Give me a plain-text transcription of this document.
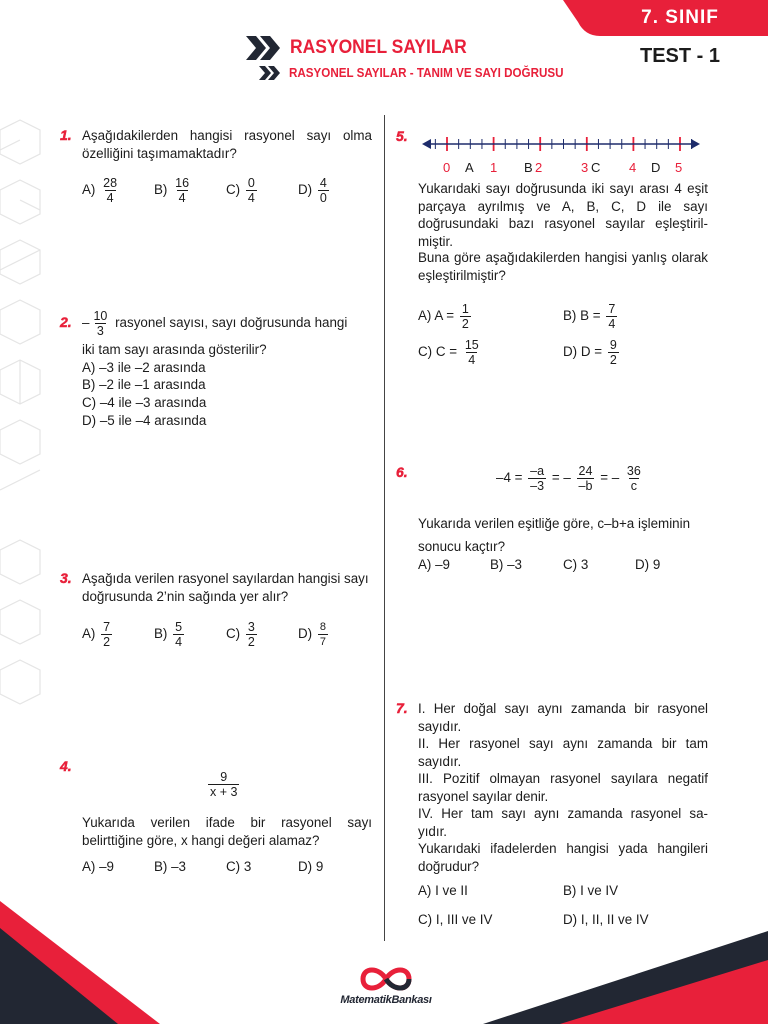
7. SINIF
TEST - 1
RASYONEL SAYILAR
RASYONEL SAYILAR - TANIM VE SAYI DOĞRUSU
MatematikBankası
1. Aşağıdakilerden hangisi rasyonel sayı olma özelliğini taşımamaktadır?
$A) \frac{28}{4}$	$B) \frac{16}{4}$	$C) \frac{0}{4}$	$D) \frac{4}{0}$
2. – $\frac{10}{3}$ rasyonel sayısı, sayı doğrusunda hangi
iki tam sayı arasında gösterilir?
A) –3 ile –2 arasında
B) –2 ile –1 arasında
C) –4 ile –3 arasında
D) –5 ile –4 arasında
3. Aşağıda verilen rasyonel sayılardan hangisi sayı doğrusunda 2’nin sağında yer alır?
$A) \frac{7}{2}$	$B) \frac{5}{4}$	$C) \frac{3}{2}$	$D) \frac{8}{7}$
4.
$\frac{9}{x + 3}$
Yukarıda verilen ifade bir rasyonel sayı belirttiğine göre, x hangi değeri alamaz?
A) –9	B) –3	C) 3	D) 9
5.
0 A 1 B 2	3 C 4 D 5
Yukarıdaki sayı doğrusunda iki sayı arası 4 eşit parçaya ayrılmış ve A, B, C, D ile sayı doğrusundaki bazı rasyonel sayılar eşleştiril- miştir.
Buna göre aşağıdakilerden hangisi yanlış olarak eşleştirilmiştir?
A) $A = \frac{1}{2}$	B) $B = \frac{7}{4}$
C) $C = \frac{15}{4}$	D) $D = \frac{9}{2}$
6.	$-4 = \frac{-a}{-3}$ = – $\frac{24}{-b}$ = – $\frac{36}{c}$
Yukarıda verilen eşitliğe göre, c–b+a işleminin sonucu kaçtır?
A) –9	B) –3	C) 3	D) 9
7. I. Her doğal sayı aynı zamanda bir rasyonel sayıdır.
II. Her rasyonel sayı aynı zamanda bir tam sayıdır.
III. Pozitif olmayan rasyonel sayılara negatif rasyonel sayılar denir.
IV. Her tam sayı aynı zamanda rasyonel sa- yıdır.
Yukarıdaki ifadelerden hangisi yada hangileri doğrudur?
A) I ve II	B) I ve IV
C) I, III ve IV	D) I, II, II ve IV
